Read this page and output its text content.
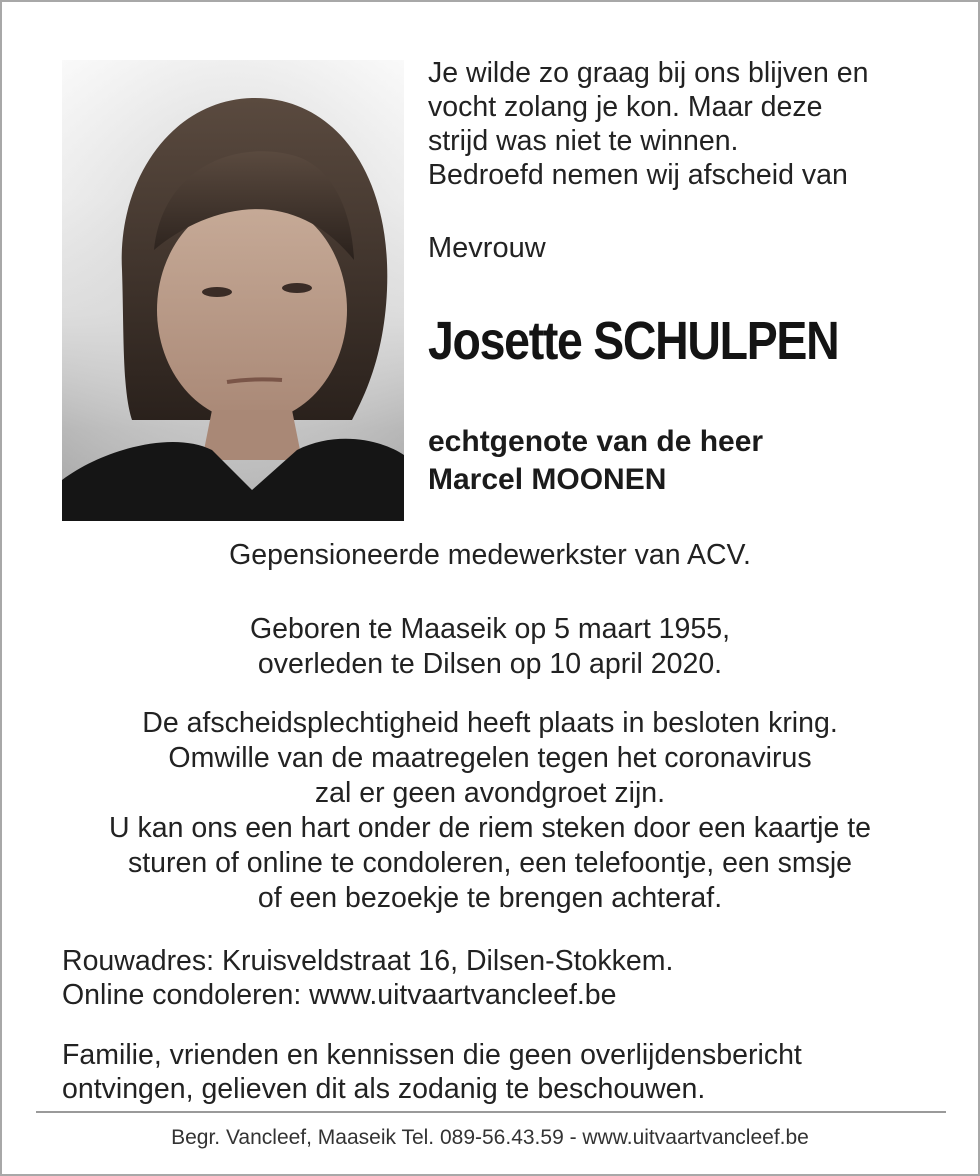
Je wilde zo graag bij ons blijven en
vocht zolang je kon. Maar deze
strijd was niet te winnen.
Bedroefd nemen wij afscheid van
Mevrouw
Josette SCHULPEN
echtgenote van de heer
Marcel MOONEN
Gepensioneerde medewerkster van ACV.
Geboren te Maaseik op 5 maart 1955,
overleden te Dilsen op 10 april 2020.
De afscheidsplechtigheid heeft plaats in besloten kring.
Omwille van de maatregelen tegen het coronavirus
zal er geen avondgroet zijn.
U kan ons een hart onder de riem steken door een kaartje te
sturen of online te condoleren, een telefoontje, een smsje
of een bezoekje te brengen achteraf.
Rouwadres: Kruisveldstraat 16, Dilsen-Stokkem.
Online condoleren: www.uitvaartvancleef.be
Familie, vrienden en kennissen die geen overlijdensbericht
ontvingen, gelieven dit als zodanig te beschouwen.
Begr. Vancleef, Maaseik Tel. 089-56.43.59 - www.uitvaartvancleef.be
